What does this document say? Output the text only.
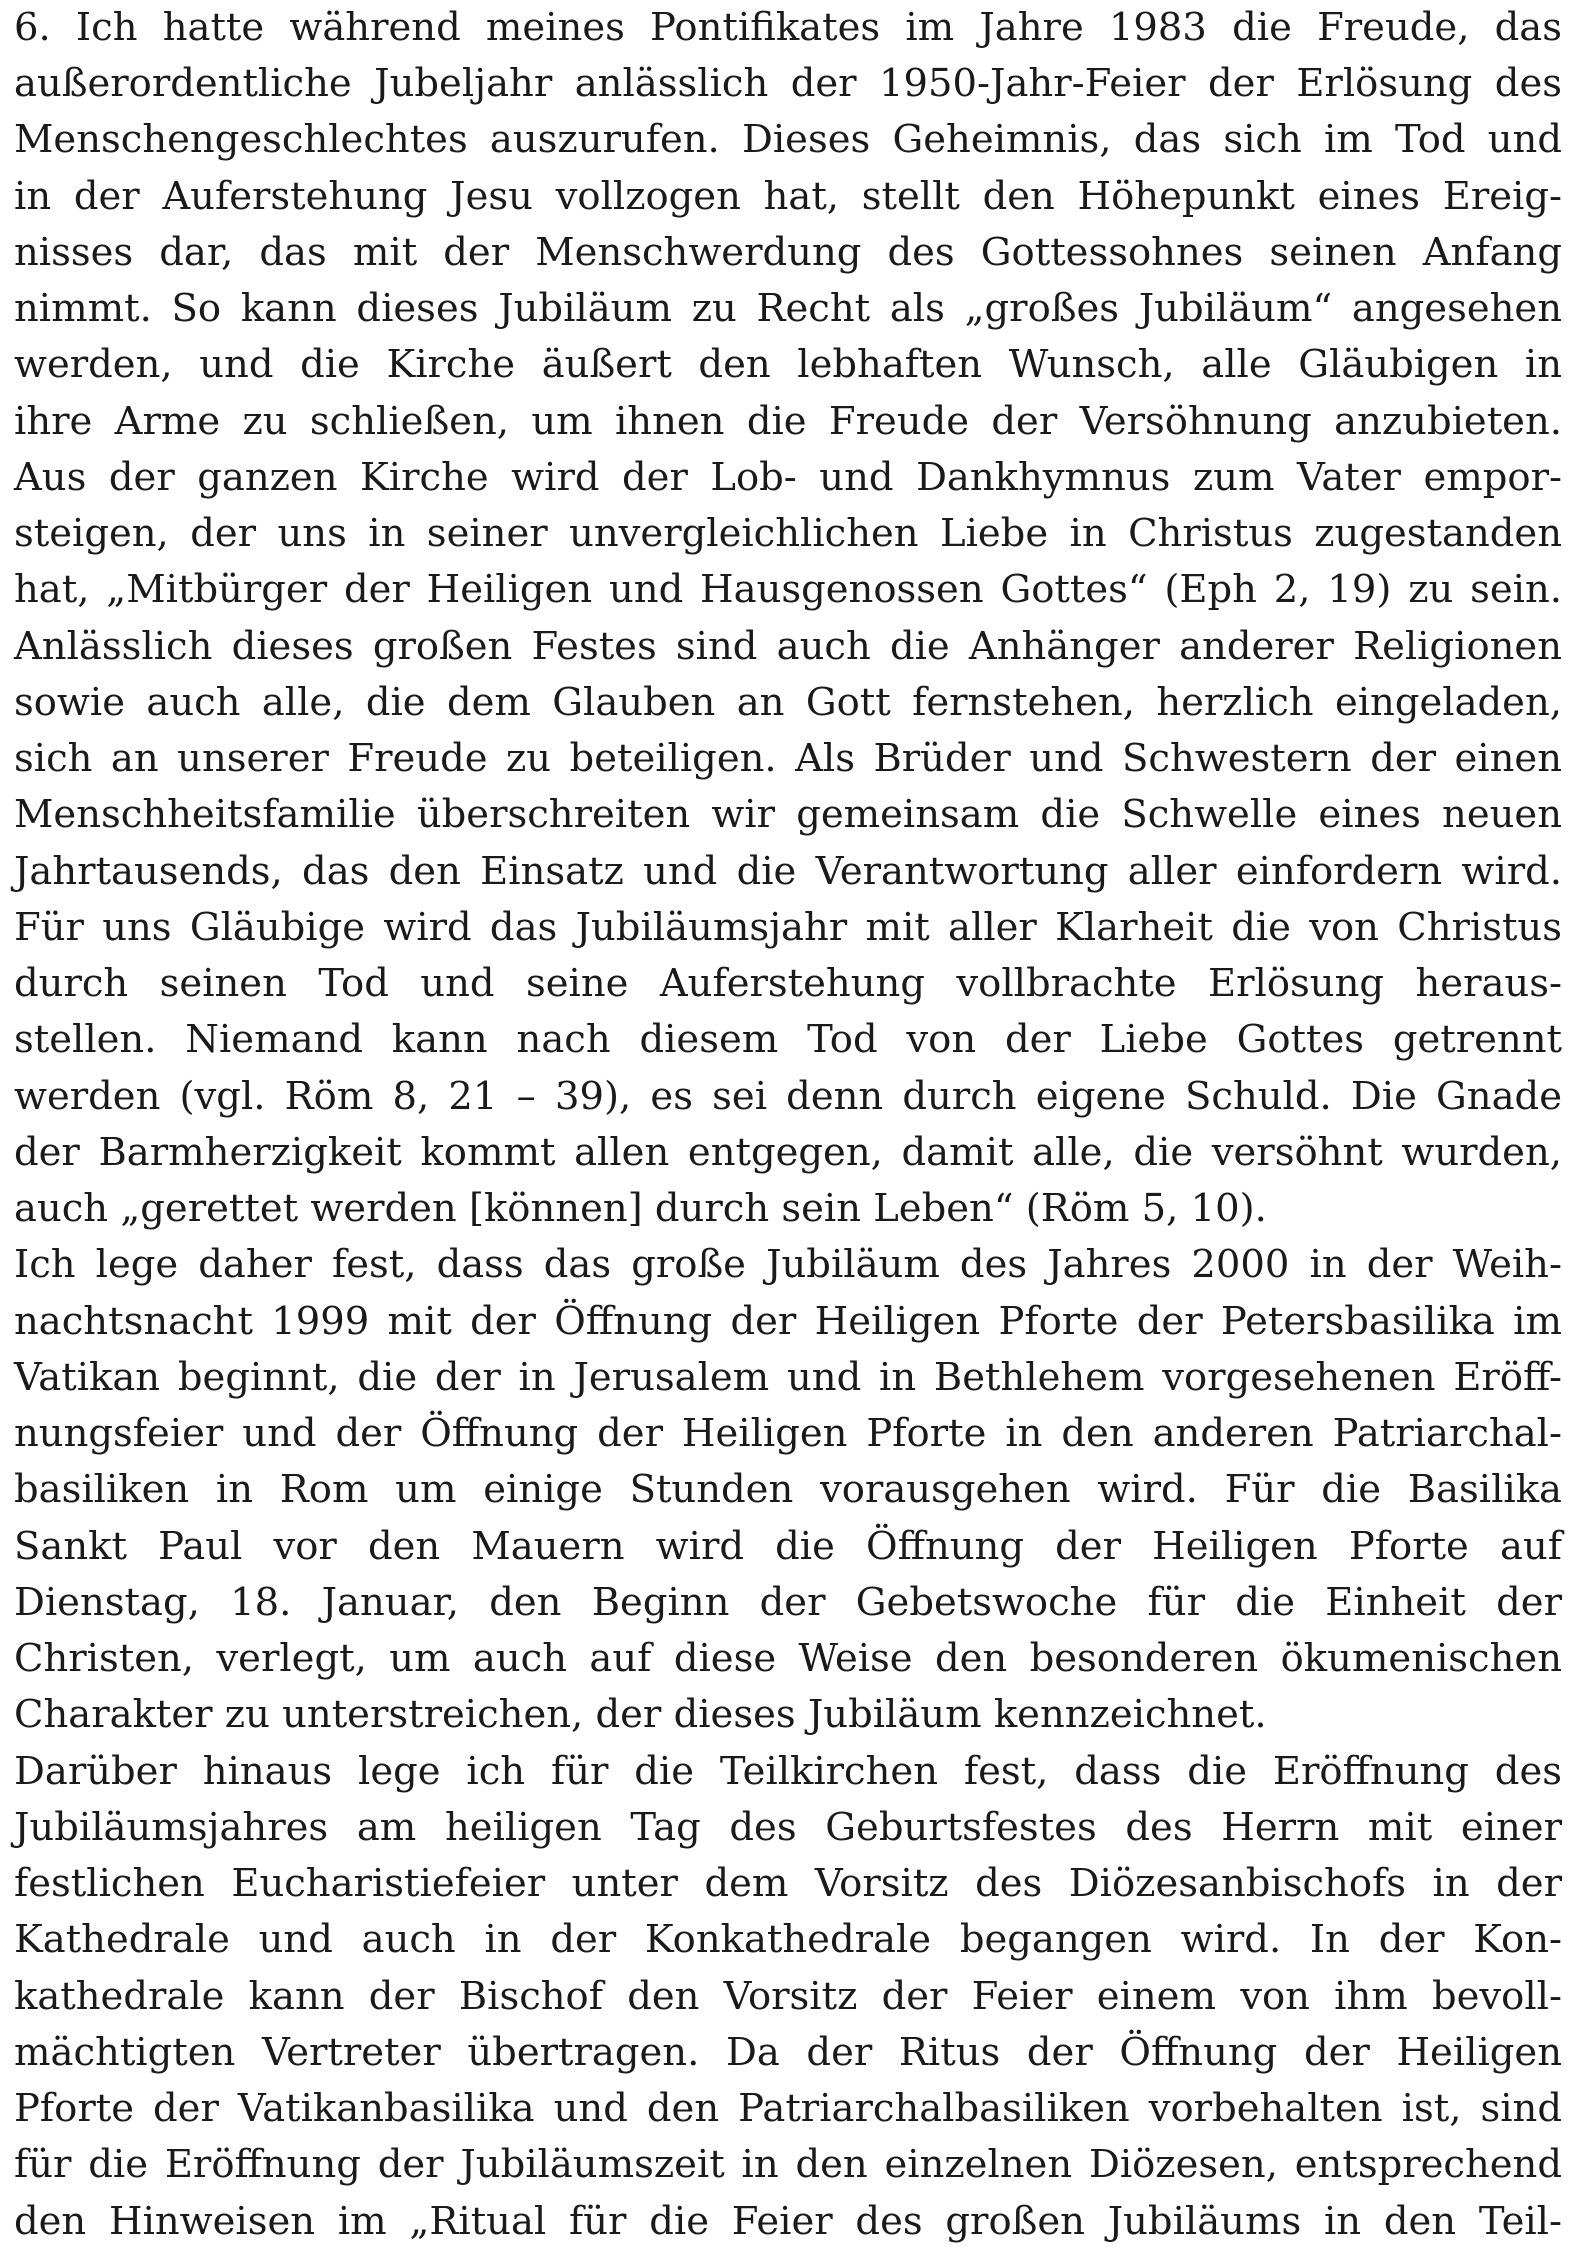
6. Ich hatte während meines Pontifikates im Jahre 1983 die Freude, das
außerordentliche Jubeljahr anlässlich der 1950-Jahr-Feier der Erlösung des
Menschengeschlechtes auszurufen. Dieses Geheimnis, das sich im Tod und
in der Auferstehung Jesu vollzogen hat, stellt den Höhepunkt eines Ereig-
nisses dar, das mit der Menschwerdung des Gottessohnes seinen Anfang
nimmt. So kann dieses Jubiläum zu Recht als „großes Jubiläum“ angesehen
werden, und die Kirche äußert den lebhaften Wunsch, alle Gläubigen in
ihre Arme zu schließen, um ihnen die Freude der Versöhnung anzubieten.
Aus der ganzen Kirche wird der Lob- und Dankhymnus zum Vater empor-
steigen, der uns in seiner unvergleichlichen Liebe in Christus zugestanden
hat, „Mitbürger der Heiligen und Hausgenossen Gottes“ (Eph 2, 19) zu sein.
Anlässlich dieses großen Festes sind auch die Anhänger anderer Religionen
sowie auch alle, die dem Glauben an Gott fernstehen, herzlich eingeladen,
sich an unserer Freude zu beteiligen. Als Brüder und Schwestern der einen
Menschheitsfamilie überschreiten wir gemeinsam die Schwelle eines neuen
Jahrtausends, das den Einsatz und die Verantwortung aller einfordern wird.
Für uns Gläubige wird das Jubiläumsjahr mit aller Klarheit die von Christus
durch seinen Tod und seine Auferstehung vollbrachte Erlösung heraus-
stellen. Niemand kann nach diesem Tod von der Liebe Gottes getrennt
werden (vgl. Röm 8, 21 – 39), es sei denn durch eigene Schuld. Die Gnade
der Barmherzigkeit kommt allen entgegen, damit alle, die versöhnt wurden,
auch „gerettet werden [können] durch sein Leben“ (Röm 5, 10).
Ich lege daher fest, dass das große Jubiläum des Jahres 2000 in der Weih-
nachtsnacht 1999 mit der Öffnung der Heiligen Pforte der Petersbasilika im
Vatikan beginnt, die der in Jerusalem und in Bethlehem vorgesehenen Eröff-
nungsfeier und der Öffnung der Heiligen Pforte in den anderen Patriarchal-
basiliken in Rom um einige Stunden vorausgehen wird. Für die Basilika
Sankt Paul vor den Mauern wird die Öffnung der Heiligen Pforte auf
Dienstag, 18. Januar, den Beginn der Gebetswoche für die Einheit der
Christen, verlegt, um auch auf diese Weise den besonderen ökumenischen
Charakter zu unterstreichen, der dieses Jubiläum kennzeichnet.
Darüber hinaus lege ich für die Teilkirchen fest, dass die Eröffnung des
Jubiläumsjahres am heiligen Tag des Geburtsfestes des Herrn mit einer
festlichen Eucharistiefeier unter dem Vorsitz des Diözesanbischofs in der
Kathedrale und auch in der Konkathedrale begangen wird. In der Kon-
kathedrale kann der Bischof den Vorsitz der Feier einem von ihm bevoll-
mächtigten Vertreter übertragen. Da der Ritus der Öffnung der Heiligen
Pforte der Vatikanbasilika und den Patriarchalbasiliken vorbehalten ist, sind
für die Eröffnung der Jubiläumszeit in den einzelnen Diözesen, entsprechend
den Hinweisen im „Ritual für die Feier des großen Jubiläums in den Teil-
